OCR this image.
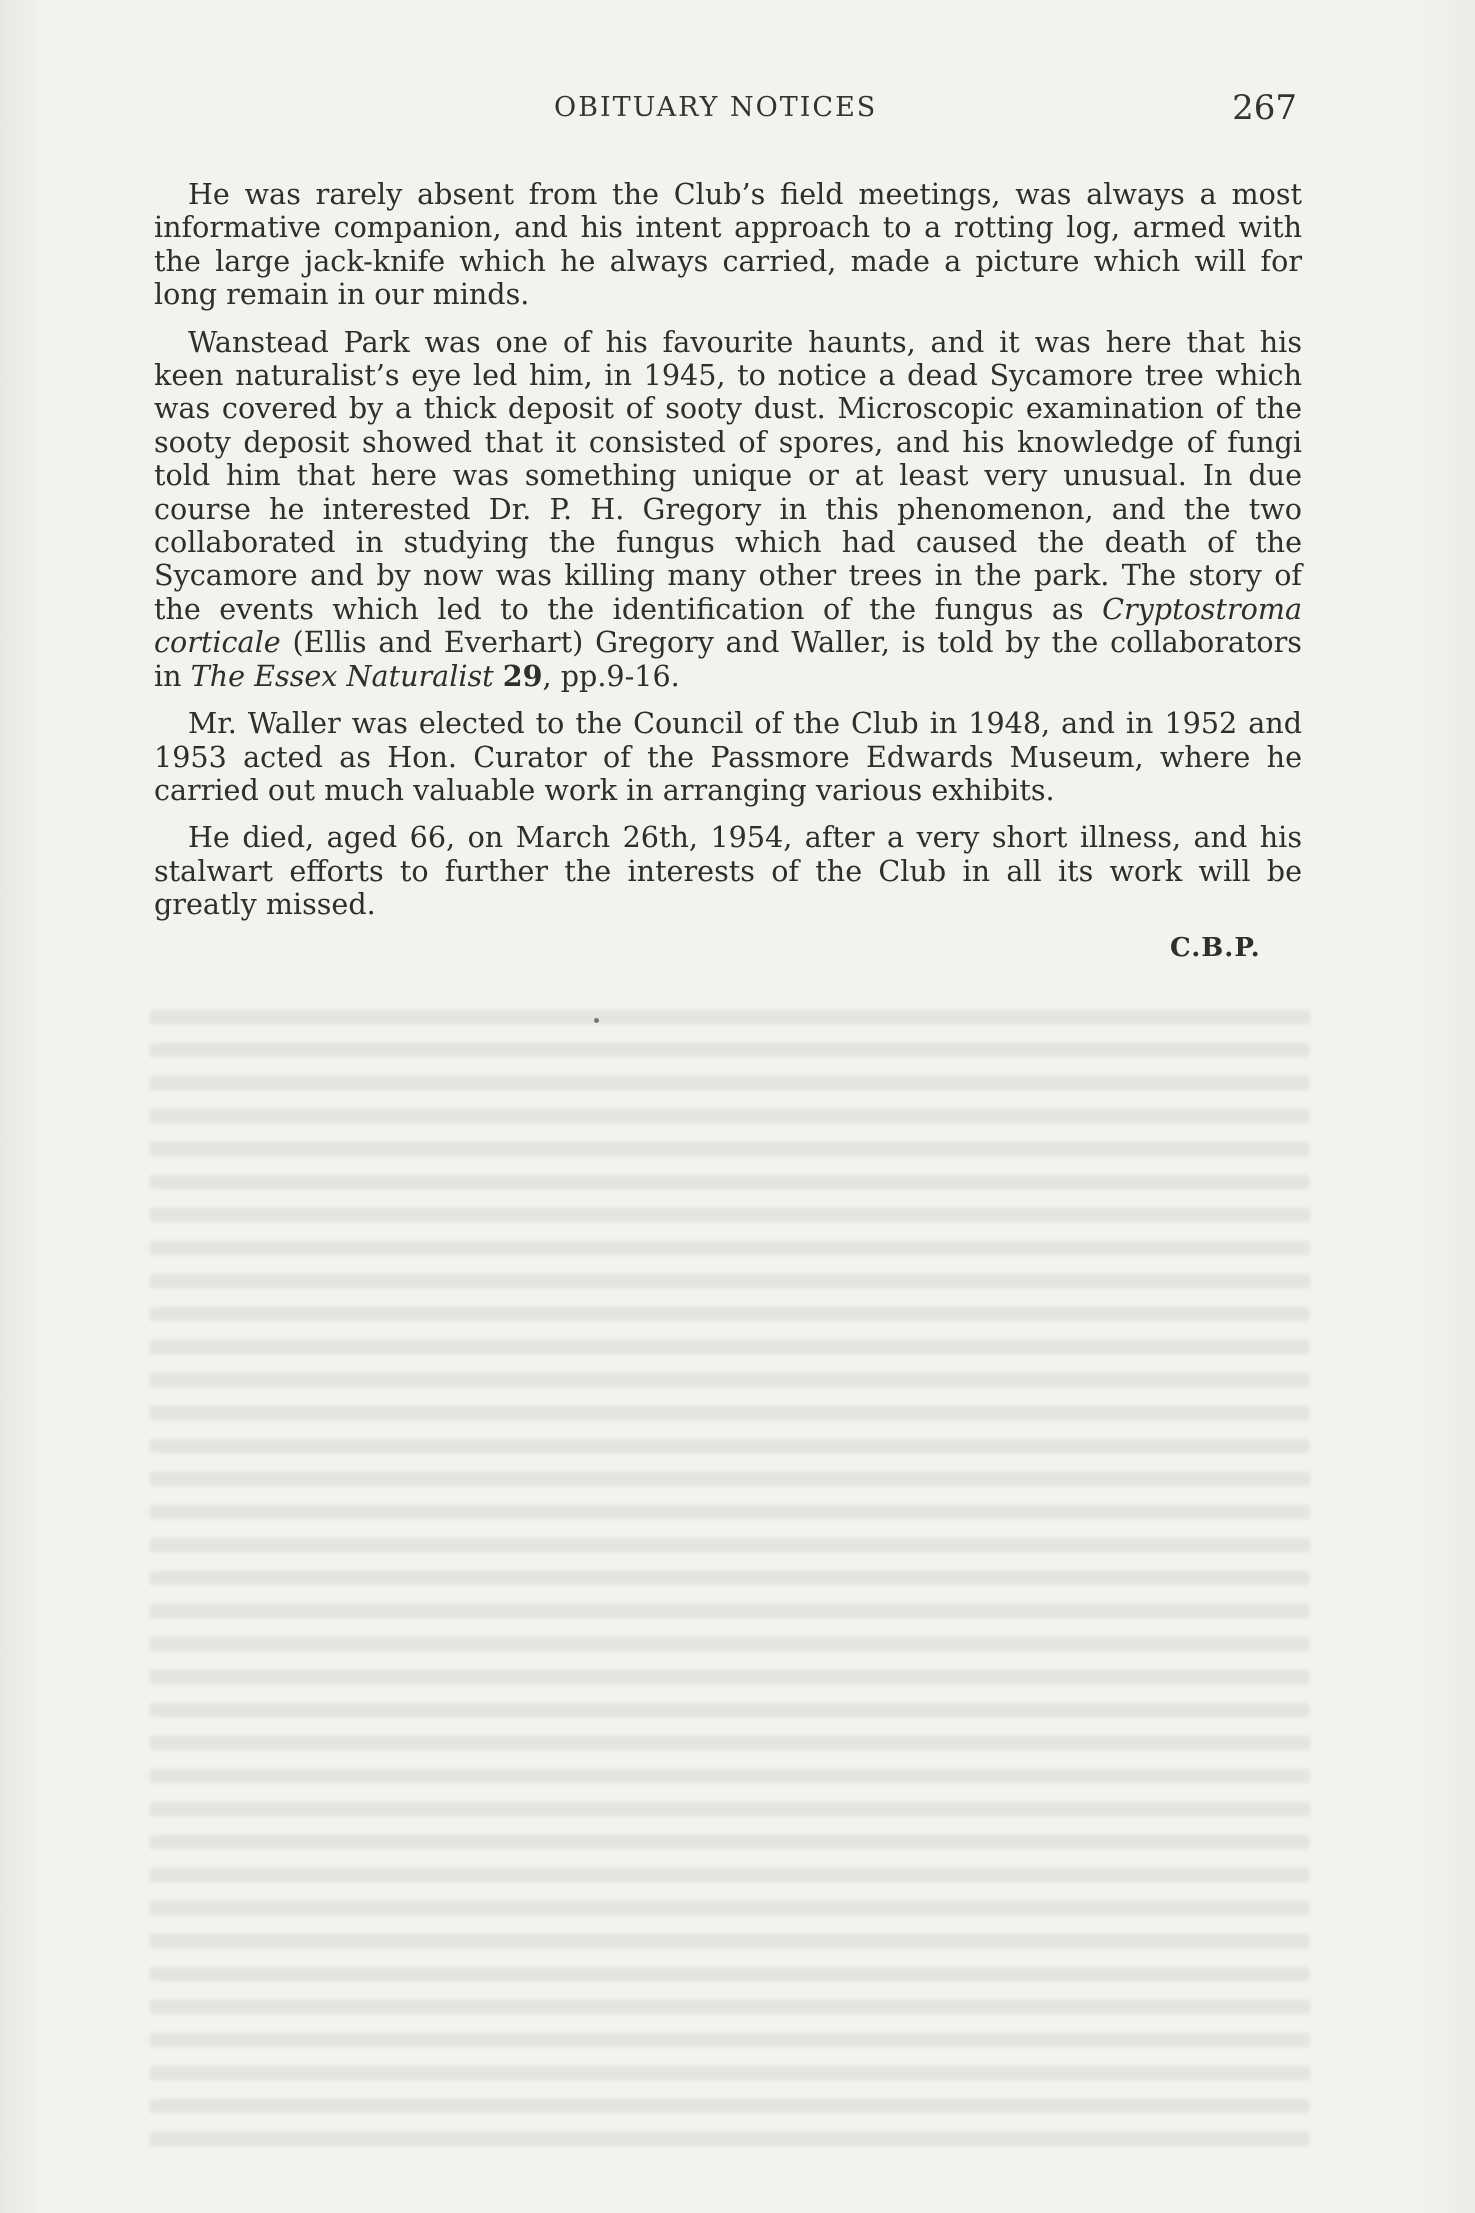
OBITUARY NOTICES	267

He was rarely absent from the Club’s field meetings, was always a most informative companion, and his intent approach to a rotting log, armed with the large jack-knife which he always carried, made a picture which will for long remain in our minds.

Wanstead Park was one of his favourite haunts, and it was here that his keen naturalist’s eye led him, in 1945, to notice a dead Sycamore tree which was covered by a thick deposit of sooty dust. Microscopic examination of the sooty deposit showed that it consisted of spores, and his knowledge of fungi told him that here was something unique or at least very unusual. In due course he interested Dr. P. H. Gregory in this phenomenon, and the two collaborated in studying the fungus which had caused the death of the Sycamore and by now was killing many other trees in the park. The story of the events which led to the identification of the fungus as Cryptostroma corticale (Ellis and Everhart) Gregory and Waller, is told by the collaborators in The Essex Naturalist 29, pp.9-16.

Mr. Waller was elected to the Council of the Club in 1948, and in 1952 and 1953 acted as Hon. Curator of the Passmore Edwards Museum, where he carried out much valuable work in arranging various exhibits.

He died, aged 66, on March 26th, 1954, after a very short illness, and his stalwart efforts to further the interests of the Club in all its work will be greatly missed.

C.B.P.
